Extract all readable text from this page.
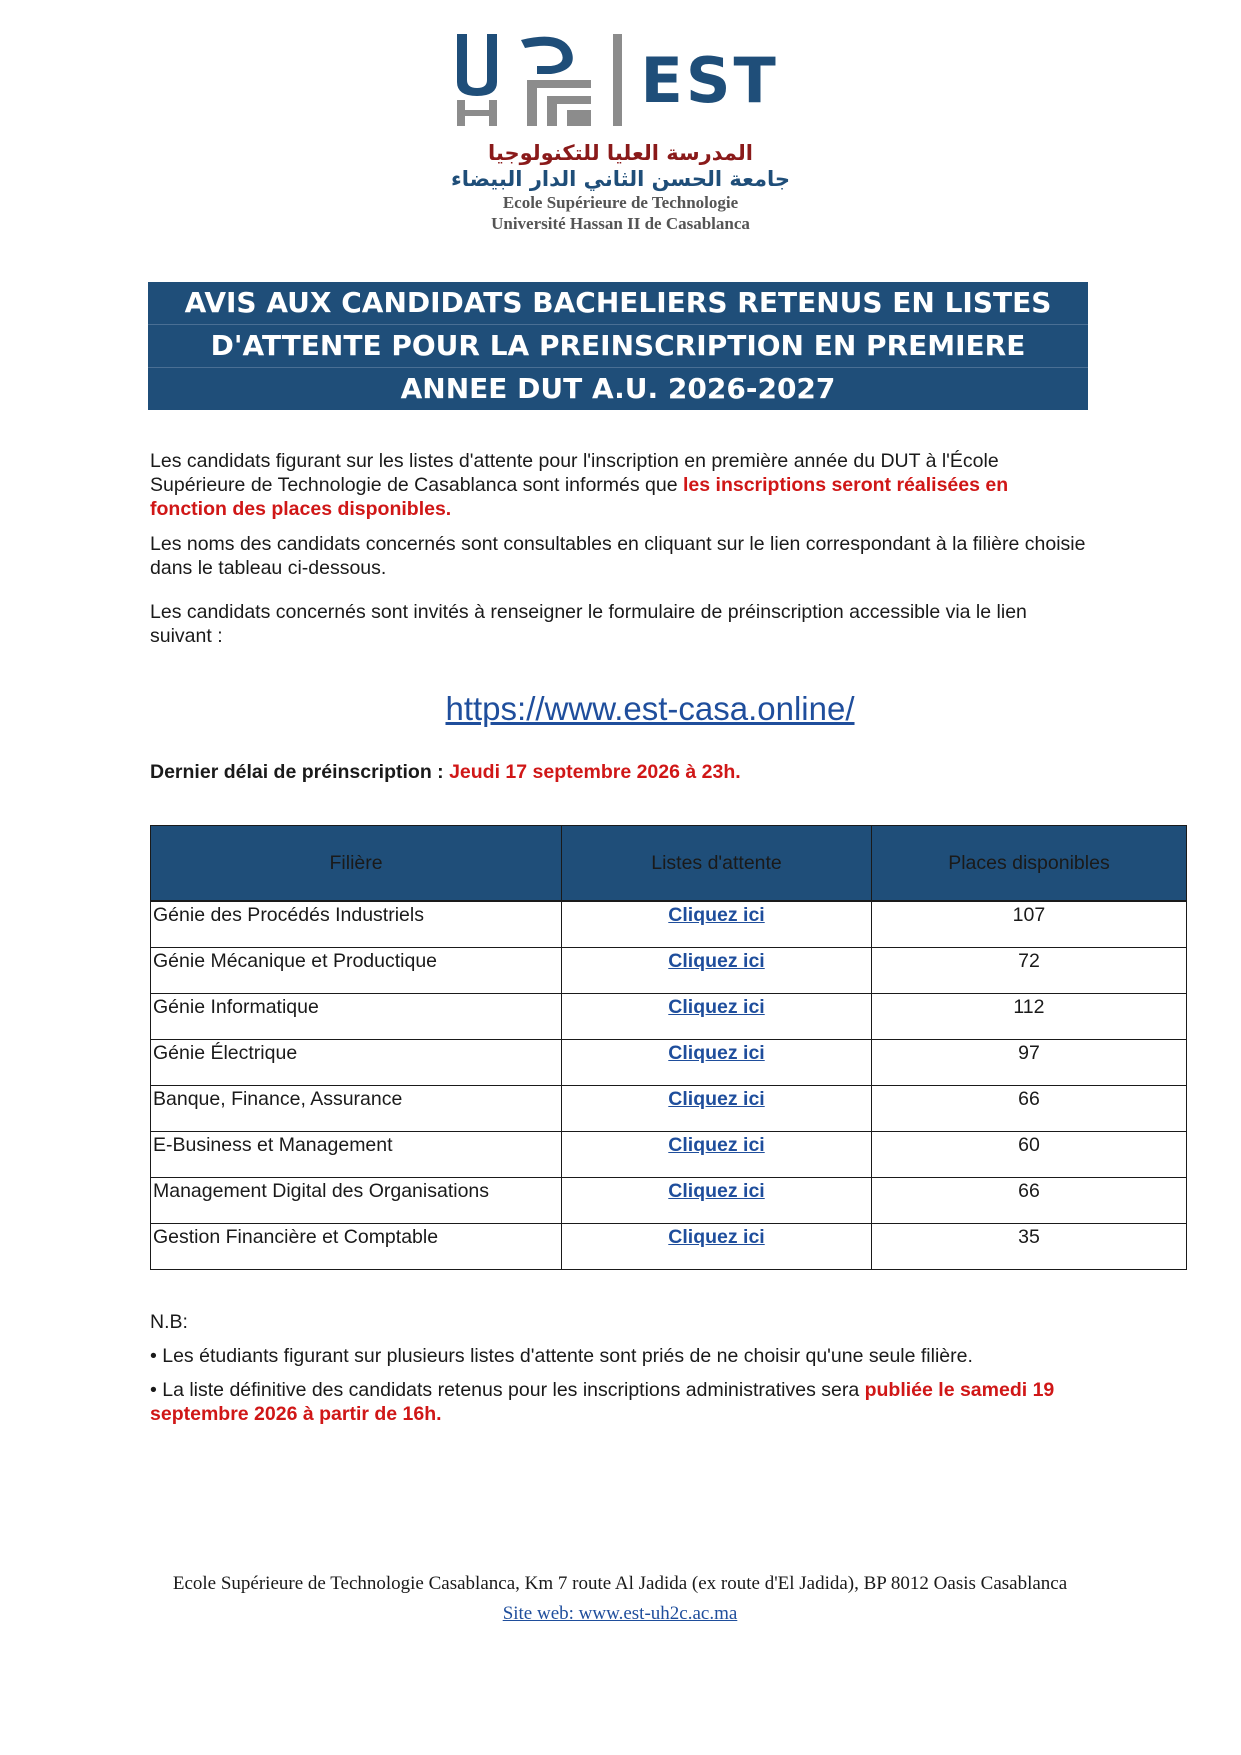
EST
المدرسة العليا للتكنولوجيا
جامعة الحسن الثاني الدار البيضاء
Ecole Supérieure de Technologie
Université Hassan II de Casablanca
AVIS AUX CANDIDATS BACHELIERS RETENUS EN LISTES
D'ATTENTE POUR LA PREINSCRIPTION EN PREMIERE
ANNEE DUT A.U. 2026-2027

Les candidats figurant sur les listes d'attente pour l'inscription en première année du DUT à l'École Supérieure de Technologie de Casablanca sont informés que les inscriptions seront réalisées en fonction des places disponibles.

Les noms des candidats concernés sont consultables en cliquant sur le lien correspondant à la filière choisie dans le tableau ci-dessous.

Les candidats concernés sont invités à renseigner le formulaire de préinscription accessible via le lien suivant :

https://www.est-casa.online/
Dernier délai de préinscription : Jeudi 17 septembre 2026 à 23h.
Filière	Listes d'attente	Places disponibles
Génie des Procédés Industriels	Cliquez ici	107
Génie Mécanique et Productique	Cliquez ici	72
Génie Informatique	Cliquez ici	112
Génie Électrique	Cliquez ici	97
Banque, Finance, Assurance	Cliquez ici	66
E-Business et Management	Cliquez ici	60
Management Digital des Organisations	Cliquez ici	66
Gestion Financière et Comptable	Cliquez ici	35
N.B:
• Les étudiants figurant sur plusieurs listes d'attente sont priés de ne choisir qu'une seule filière.
• La liste définitive des candidats retenus pour les inscriptions administratives sera publiée le samedi 19 septembre 2026 à partir de 16h.
Ecole Supérieure de Technologie Casablanca, Km 7 route Al Jadida (ex route d'El Jadida), BP 8012 Oasis Casablanca
Site web: www.est-uh2c.ac.ma
